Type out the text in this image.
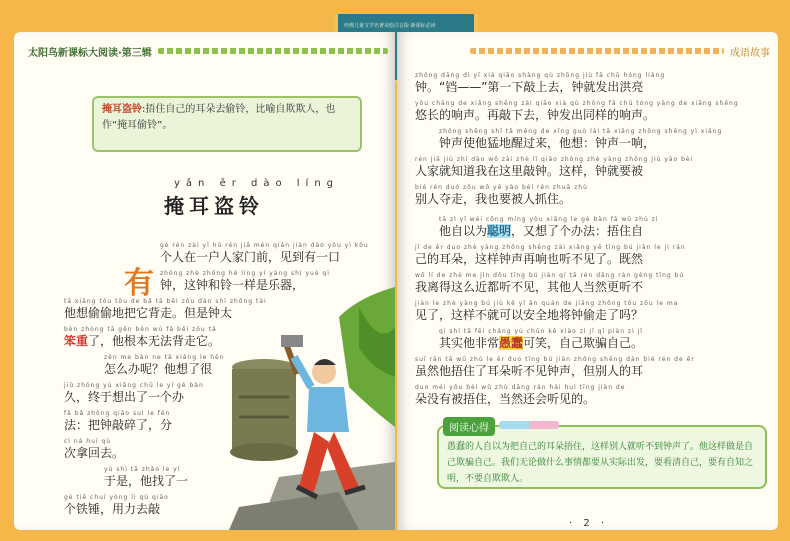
经典儿童文学名著美绘注音版·新课标必读
太阳鸟新课标大阅读·第三辑
掩耳盗铃:捂住自己的耳朵去偷铃，比喻自欺欺人，也作“掩耳偷铃”。
yǎn ěr dào líng
掩耳盗铃
有
gè rén zài yī hù rén jiā mén qián jiàn dào yǒu yì kǒu
个人在一户人家门前，见到有一口
zhōng zhè zhōng hé líng yí yàng shì yuè qì
钟，这钟和铃一样是乐器，
tā xiǎng tōu tōu de bǎ tā bēi zǒu dàn shì zhōng tài
他想偷偷地把它背走。但是钟太
bèn zhòng tā gēn běn wú fǎ bēi zǒu tā
笨重了，他根本无法背走它。
zěn me bàn ne tā xiǎng le hěn
怎么办呢？他想了很
jiǔ zhōng yú xiǎng chū le yí gè bàn
久，终于想出了一个办
fǎ bǎ zhōng qiāo suì le fēn
法：把钟敲碎了，分
cì ná huí qù
次拿回去。
yú shì tā zhǎo le yí
于是，他找了一
gè tiě chuí yòng lì qù qiāo
个铁锤，用力去敲
成语故事
zhōng dāng dì yī xià qiāo shàng qù zhōng jiù fā chū hóng liàng
钟。“铛——”第一下敲上去，钟就发出洪亮
yōu cháng de xiǎng shēng zài qiāo xià qù zhōng fā chū tóng yàng de xiǎng shēng
悠长的响声。再敲下去，钟发出同样的响声。
zhōng shēng shǐ tā měng de xǐng guò lái tā xiǎng zhōng shēng yì xiǎng
钟声使他猛地醒过来，他想：钟声一响，
rén jiā jiù zhī dào wǒ zài zhè lǐ qiāo zhōng zhè yàng zhōng jiù yào bèi
人家就知道我在这里敲钟。这样，钟就要被
bié rén duó zǒu wǒ yě yào bèi rén zhuā zhù
别人夺走，我也要被人抓住。
tā zì yǐ wéi cōng míng yòu xiǎng le gè bàn fǎ wǔ zhù zì
他自以为聪明，又想了个办法：捂住自
jǐ de ěr duo zhè yàng zhōng shēng zài xiǎng yě tīng bú jiàn le jì rán
己的耳朵，这样钟声再响也听不见了。既然
wǒ lí de zhè me jìn dōu tīng bú jiàn qí tā rén dāng rán gèng tīng bú
我离得这么近都听不见，其他人当然更听不
jiàn le zhè yàng bú jiù kě yǐ ān quán de jiāng zhōng tōu zǒu le ma
见了，这样不就可以安全地将钟偷走了吗？
qí shí tā fēi cháng yú chǔn kě xiào zì jǐ qī piàn zì jǐ
其实他非常愚蠢可笑，自己欺骗自己。
suī rán tā wǔ zhù le ěr duo tīng bú jiàn zhōng shēng dàn bié rén de ěr
虽然他捂住了耳朵听不见钟声，但别人的耳
duo méi yǒu bèi wǔ zhù dāng rán hái huì tīng jiàn de
朵没有被捂住，当然还会听见的。
阅读心得
愚蠢的人自以为把自己的耳朵捂住，这样别人就听不到钟声了。他这样做是自己欺骗自己。我们无论做什么事情都要从实际出发，要看清自己，要有自知之明，不要自欺欺人。
· 2 ·
